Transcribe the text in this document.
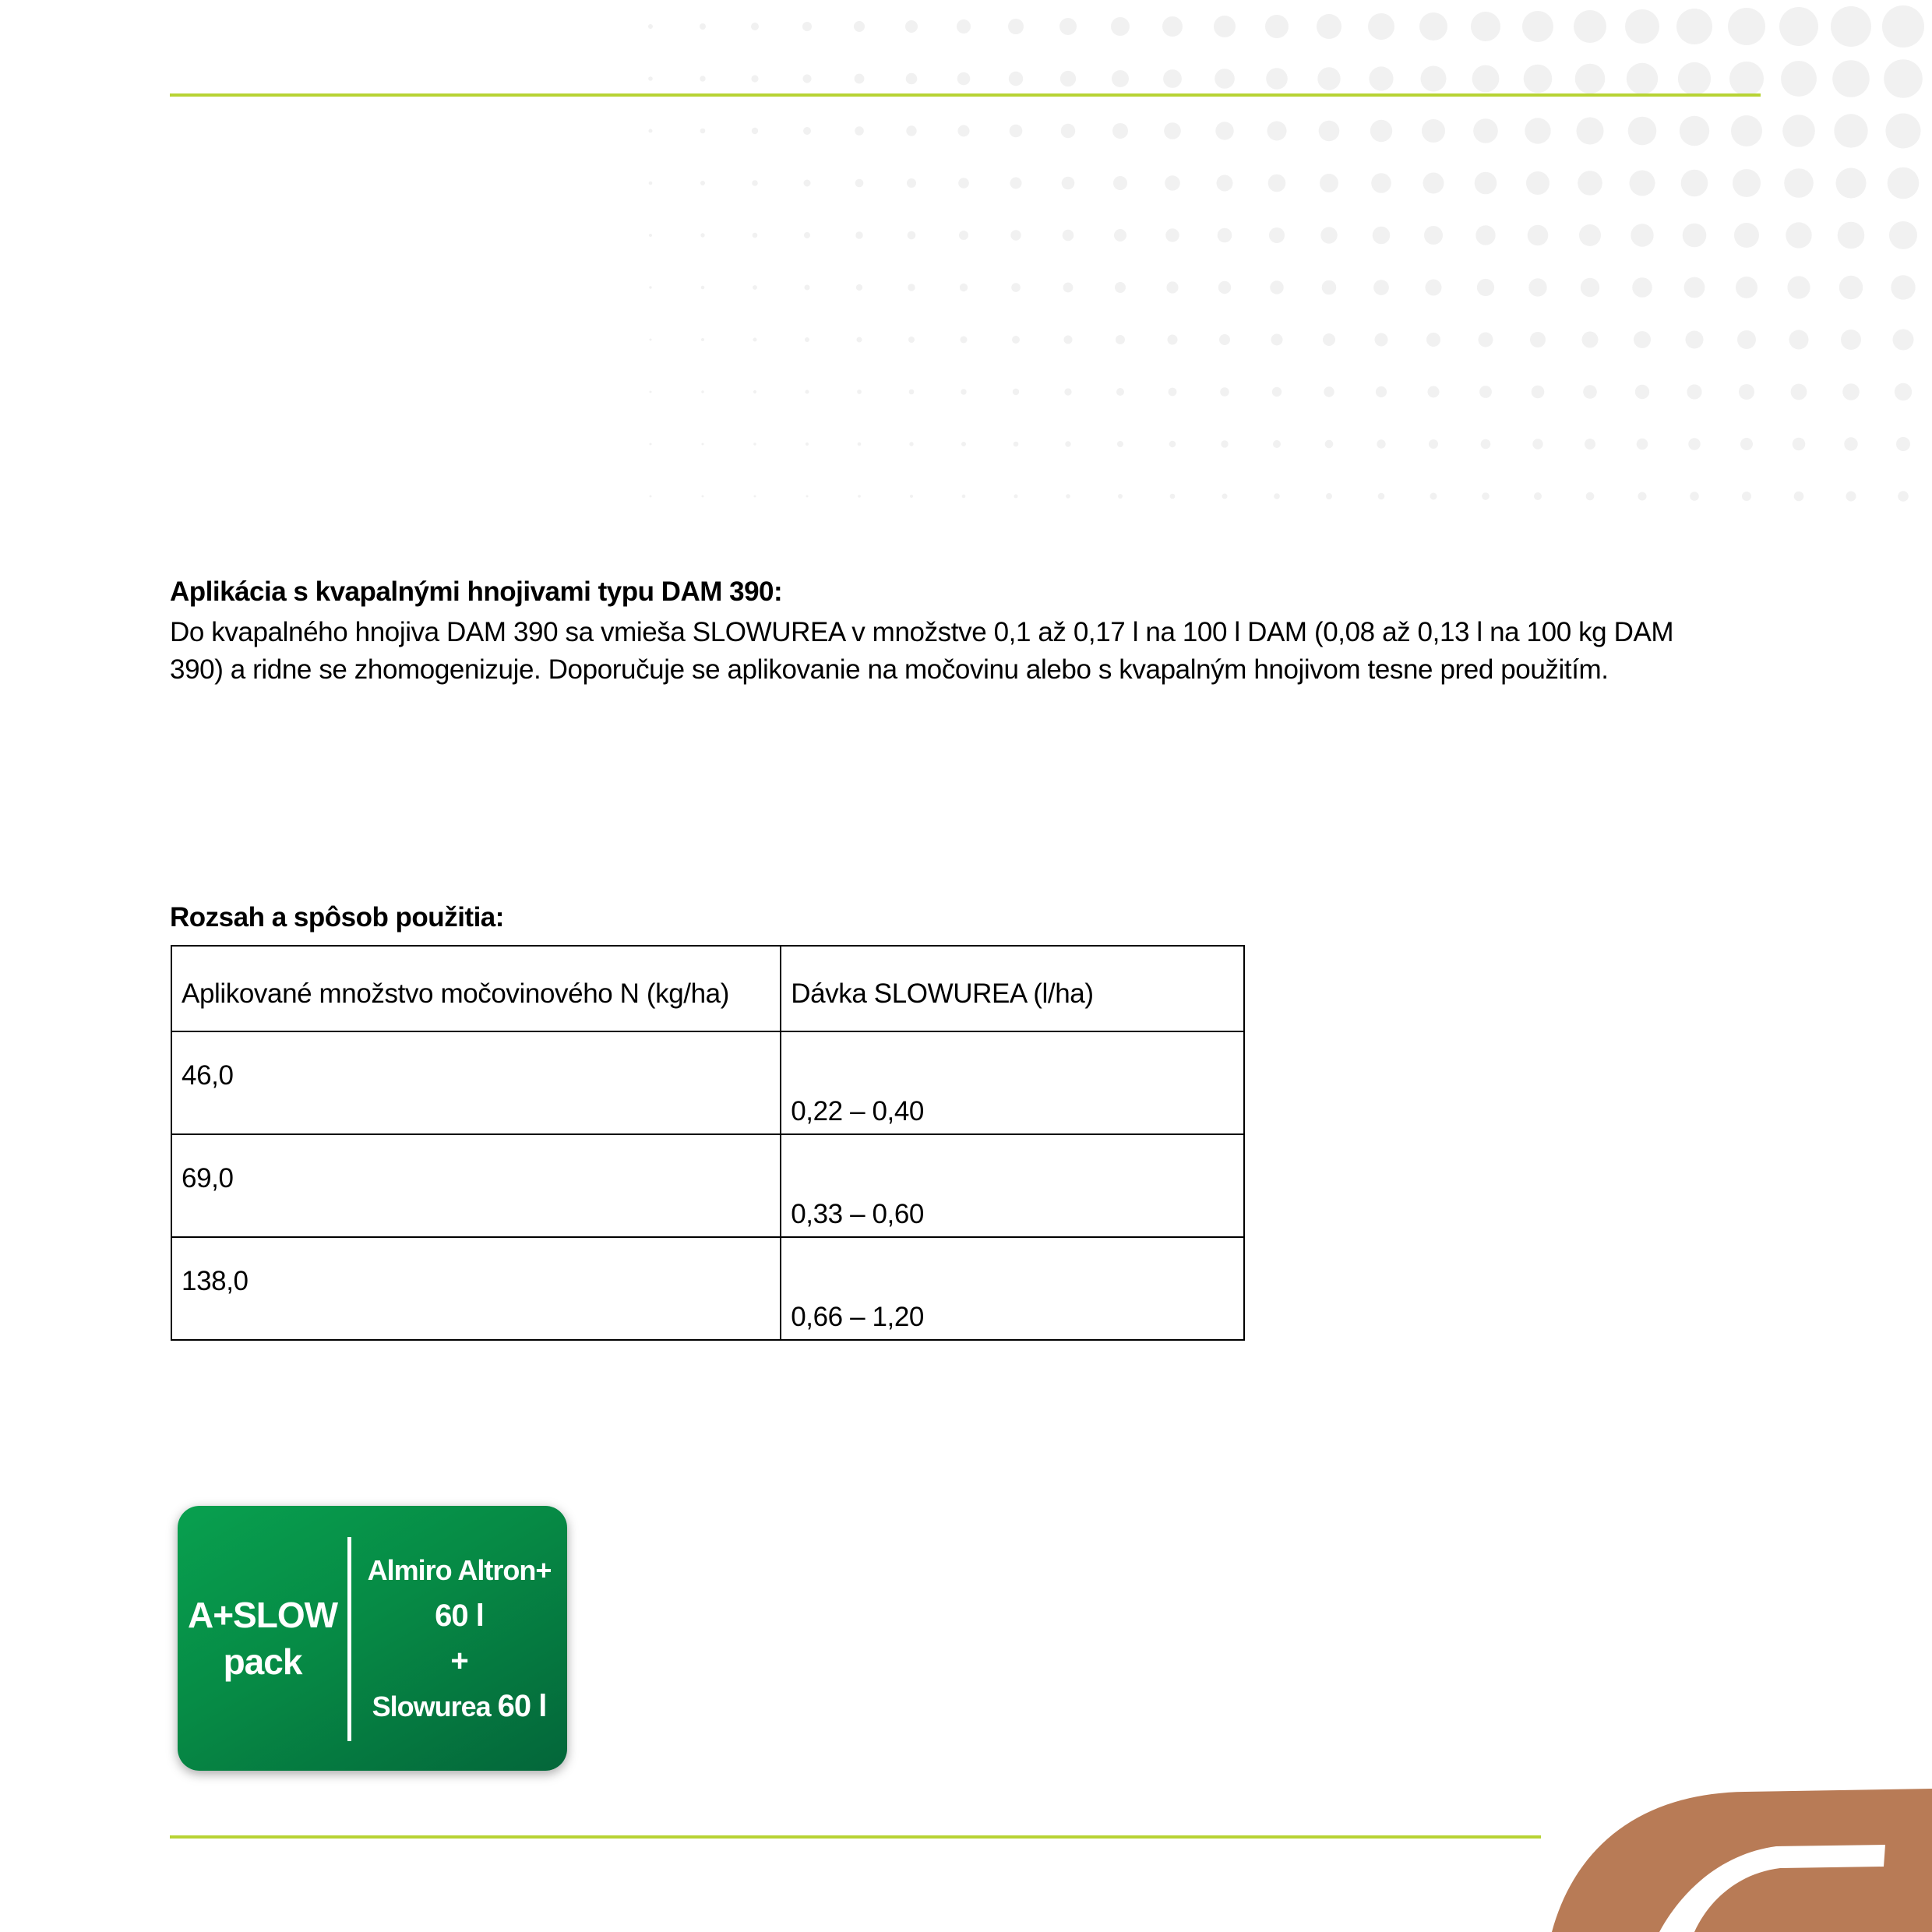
Aplikácia s kvapalnými hnojivami typu DAM 390:
Do kvapalného hnojiva DAM 390 sa vmieša SLOWUREA v množstve 0,1 až 0,17 l na 100 l DAM (0,08 až 0,13 l na 100 kg DAM 390) a ridne se zhomogenizuje. Doporučuje se aplikovanie na močovinu alebo s kvapalným hnojivom tesne pred použitím.
Rozsah a spôsob použitia:
Aplikované množstvo močovinového N (kg/ha)	Dávka SLOWUREA (l/ha)
46,0	0,22 – 0,40
69,0	0,33 – 0,60
138,0	0,66 – 1,20
A+SLOW
pack
Almiro Altron+
60 l
+
Slowurea 60 l
